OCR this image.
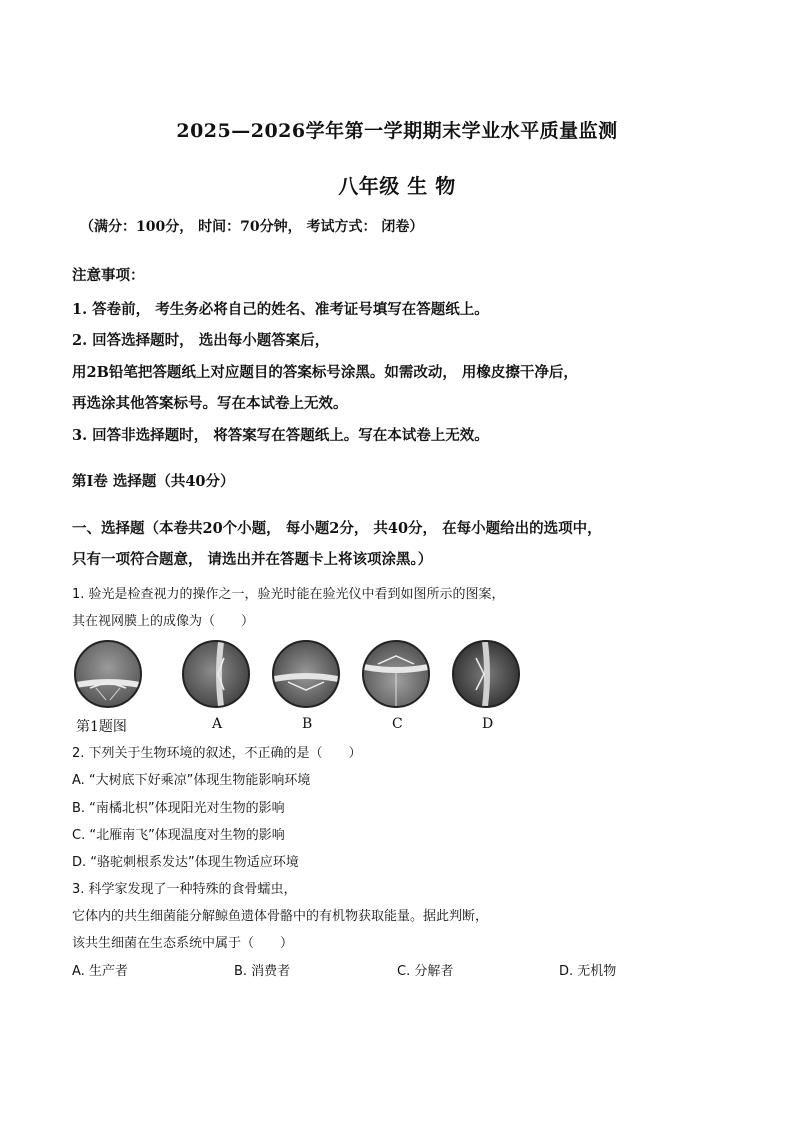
2025—2026学年第一学期期末学业水平质量监测
八年级 生 物
（满分：100分， 时间：70分钟， 考试方式： 闭卷）
注意事项：
1. 答卷前， 考生务必将自己的姓名、准考证号填写在答题纸上。
2. 回答选择题时， 选出每小题答案后，
用2B铅笔把答题纸上对应题目的答案标号涂黑。如需改动， 用橡皮擦干净后，
再选涂其他答案标号。写在本试卷上无效。
3. 回答非选择题时， 将答案写在答题纸上。写在本试卷上无效。
第Ⅰ卷 选择题（共40分）
一、选择题（本卷共20个小题， 每小题2分， 共40分， 在每小题给出的选项中，
只有一项符合题意， 请选出并在答题卡上将该项涂黑。）
1. 验光是检查视力的操作之一，验光时能在验光仪中看到如图所示的图案，
其在视网膜上的成像为（　　）
第1题图	A	B	C	D
2. 下列关于生物环境的叙述，不正确的是（　　）
A. “大树底下好乘凉”体现生物能影响环境
B. “南橘北枳”体现阳光对生物的影响
C. “北雁南飞”体现温度对生物的影响
D. “骆驼刺根系发达”体现生物适应环境
3. 科学家发现了一种特殊的食骨蠕虫，
它体内的共生细菌能分解鲸鱼遗体骨骼中的有机物获取能量。据此判断，
该共生细菌在生态系统中属于（　　）
A. 生产者	B. 消费者	C. 分解者	D. 无机物
